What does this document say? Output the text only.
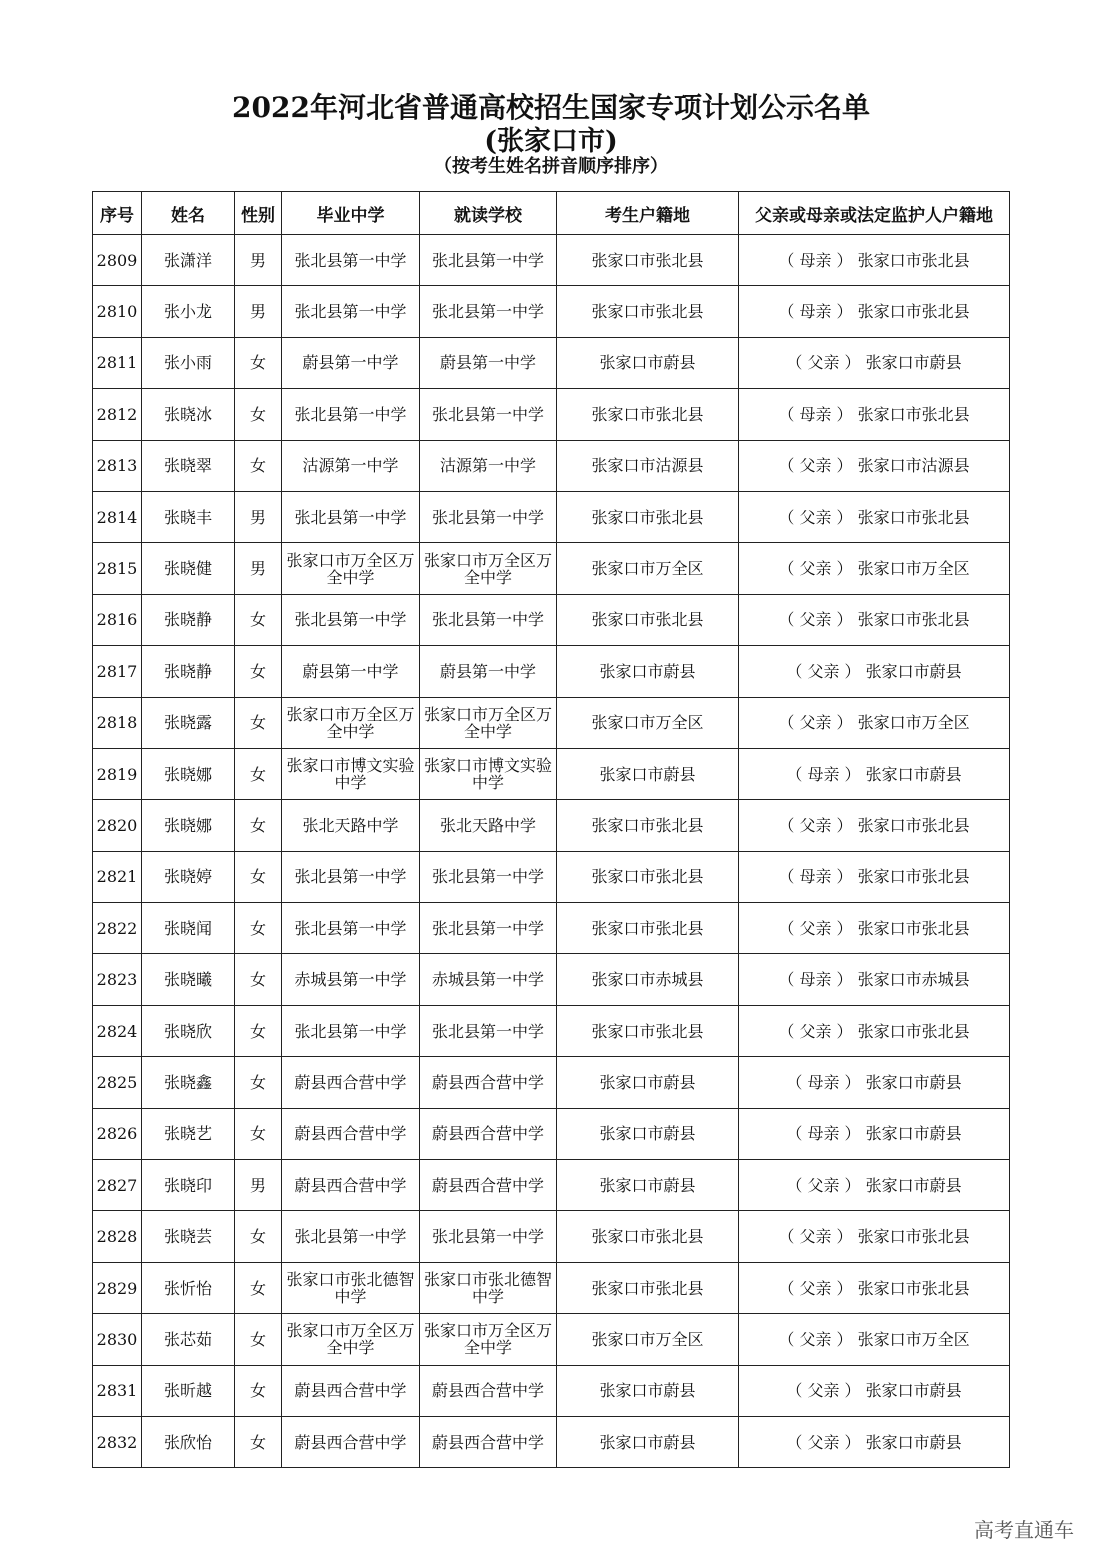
2022年河北省普通高校招生国家专项计划公示名单
(张家口市)
（按考生姓名拼音顺序排序）
序号	姓名	性别	毕业中学	就读学校	考生户籍地	父亲或母亲或法定监护人户籍地
2809	张潇洋	男	张北县第一中学	张北县第一中学	张家口市张北县	（ 母亲 ） 张家口市张北县
2810	张小龙	男	张北县第一中学	张北县第一中学	张家口市张北县	（ 母亲 ） 张家口市张北县
2811	张小雨	女	蔚县第一中学	蔚县第一中学	张家口市蔚县	（ 父亲 ） 张家口市蔚县
2812	张晓冰	女	张北县第一中学	张北县第一中学	张家口市张北县	（ 母亲 ） 张家口市张北县
2813	张晓翠	女	沽源第一中学	沽源第一中学	张家口市沽源县	（ 父亲 ） 张家口市沽源县
2814	张晓丰	男	张北县第一中学	张北县第一中学	张家口市张北县	（ 父亲 ） 张家口市张北县
2815	张晓健	男	张家口市万全区万全中学	张家口市万全区万全中学	张家口市万全区	（ 父亲 ） 张家口市万全区
2816	张晓静	女	张北县第一中学	张北县第一中学	张家口市张北县	（ 父亲 ） 张家口市张北县
2817	张晓静	女	蔚县第一中学	蔚县第一中学	张家口市蔚县	（ 父亲 ） 张家口市蔚县
2818	张晓露	女	张家口市万全区万全中学	张家口市万全区万全中学	张家口市万全区	（ 父亲 ） 张家口市万全区
2819	张晓娜	女	张家口市博文实验中学	张家口市博文实验中学	张家口市蔚县	（ 母亲 ） 张家口市蔚县
2820	张晓娜	女	张北天路中学	张北天路中学	张家口市张北县	（ 父亲 ） 张家口市张北县
2821	张晓婷	女	张北县第一中学	张北县第一中学	张家口市张北县	（ 母亲 ） 张家口市张北县
2822	张晓闻	女	张北县第一中学	张北县第一中学	张家口市张北县	（ 父亲 ） 张家口市张北县
2823	张晓曦	女	赤城县第一中学	赤城县第一中学	张家口市赤城县	（ 母亲 ） 张家口市赤城县
2824	张晓欣	女	张北县第一中学	张北县第一中学	张家口市张北县	（ 父亲 ） 张家口市张北县
2825	张晓鑫	女	蔚县西合营中学	蔚县西合营中学	张家口市蔚县	（ 母亲 ） 张家口市蔚县
2826	张晓艺	女	蔚县西合营中学	蔚县西合营中学	张家口市蔚县	（ 母亲 ） 张家口市蔚县
2827	张晓印	男	蔚县西合营中学	蔚县西合营中学	张家口市蔚县	（ 父亲 ） 张家口市蔚县
2828	张晓芸	女	张北县第一中学	张北县第一中学	张家口市张北县	（ 父亲 ） 张家口市张北县
2829	张忻怡	女	张家口市张北德智中学	张家口市张北德智中学	张家口市张北县	（ 父亲 ） 张家口市张北县
2830	张芯茹	女	张家口市万全区万全中学	张家口市万全区万全中学	张家口市万全区	（ 父亲 ） 张家口市万全区
2831	张昕越	女	蔚县西合营中学	蔚县西合营中学	张家口市蔚县	（ 父亲 ） 张家口市蔚县
2832	张欣怡	女	蔚县西合营中学	蔚县西合营中学	张家口市蔚县	（ 父亲 ） 张家口市蔚县
高考直通车
